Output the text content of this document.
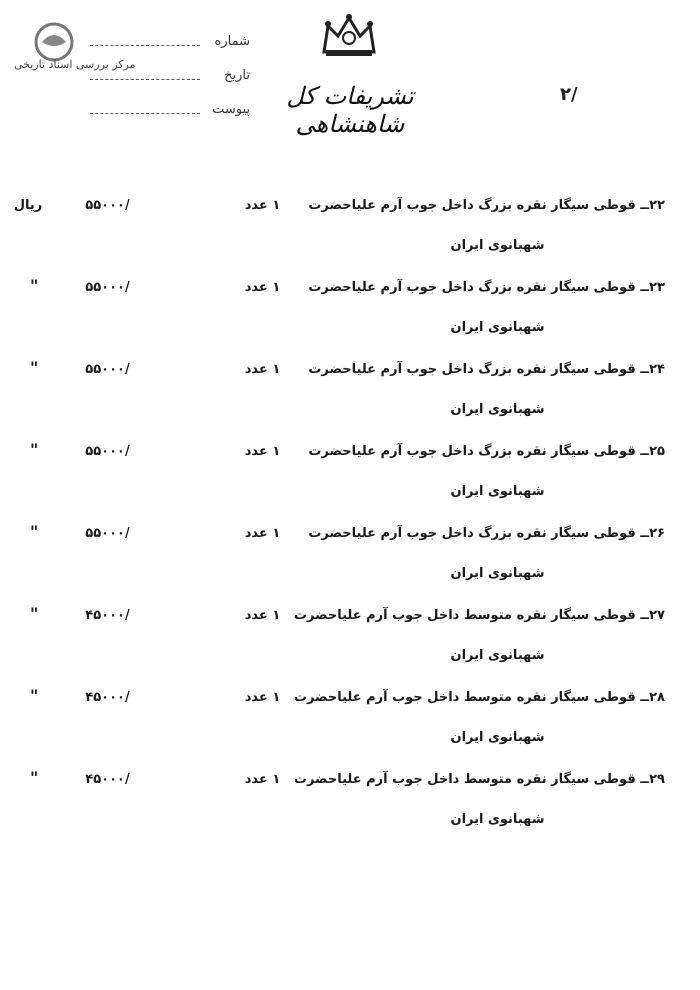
مرکز بررسی اسناد تاریخی
شماره
تاریخ
پیوست	تشریفات کل شاهنشاهی
۲/
۲۲ــ قوطی سیگار نقره بزرگ داخل جوب آرم علیاحضرت
شهبانوی ایران
۱ عدد
۵۵۰۰۰/
ریال
۲۳ــ قوطی سیگار نقره بزرگ داخل جوب آرم علیاحضرت
شهبانوی ایران
۱ عدد
۵۵۰۰۰/
"
۲۴ــ قوطی سیگار نقره بزرگ داخل جوب آرم علیاحضرت
شهبانوی ایران
۱ عدد
۵۵۰۰۰/
"
۲۵ــ قوطی سیگار نقره بزرگ داخل جوب آرم علیاحضرت
شهبانوی ایران
۱ عدد
۵۵۰۰۰/
"
۲۶ــ قوطی سیگار نقره بزرگ داخل جوب آرم علیاحضرت
شهبانوی ایران
۱ عدد
۵۵۰۰۰/
"
۲۷ــ قوطی سیگار نقره متوسط داخل جوب آرم علیاحضرت
شهبانوی ایران
۱ عدد
۴۵۰۰۰/
"
۲۸ــ قوطی سیگار نقره متوسط داخل جوب آرم علیاحضرت
شهبانوی ایران
۱ عدد
۴۵۰۰۰/
"
۲۹ــ قوطی سیگار نقره متوسط داخل جوب آرم علیاحضرت
شهبانوی ایران
۱ عدد
۴۵۰۰۰/
"
